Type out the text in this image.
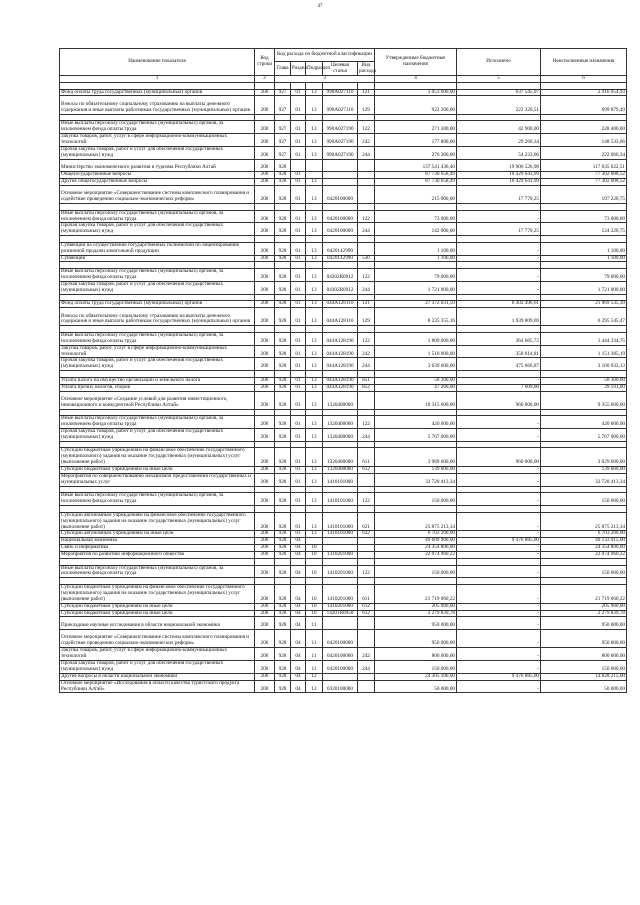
47
Наименование показателя	Код строки	Код расхода по бюджетной классификации					Утвержденные бюджетные назначения	Исполнено	Неисполненные назначения
		Глава	Раздел	Подраздел	Целевая статья	Вид расхода			
1	2	3					4	5	6

Фонд оплаты труда государственных (муниципальных) органов	200	927	01	13	990А027110	121	3 053 600,00	637 545,07	2 416 054,93
Взносы по обязательному социальному страхованию на выплаты денежного содержания и иные выплаты работникам государственных (муниципальных) органов	200	927	01	13	990А027110	129	922 200,00	222 320,51	699 879,49

Иные выплаты персоналу государственных (муниципальных) органов, за исключением фонда оплаты труда	200	927	01	13	990А027190	122	271 300,00	42 900,00	228 400,00
Закупка товаров, работ, услуг в сфере информационно-коммуникационных технологий	200	927	01	13	990А027190	242	177 800,00	29 266,34	148 533,66
Прочая закупка товаров, работ и услуг для обеспечения государственных (муниципальных) нужд	200	927	01	13	990А027190	244	276 300,00	54 233,66	222 066,34
Министерство экономического развития и туризма Республики Алтай	200	928					137 541 436,40	19 906 526,98	117 635 022,51
Общегосударственные вопросы	200	928	01				87 730 658,49	10 429 641,99	77 302 008,52
Другие общегосударственные вопросы	200	928	01	13			87 730 658,49	10 429 641,99	77 302 008,52
Основное мероприятие «Совершенствование системы комплексного планирования и содействие проведению социально-экономических реформ»	200	928	01	13	0420100000		215 000,00	17 779,25	197 220,75

Иные выплаты персоналу государственных (муниципальных) органов, за исключением фонда оплаты труда	200	928	01	13	0420100000	122	73 000,00	-	73 000,00
Прочая закупка товаров, работ и услуг для обеспечения государственных (муниципальных) нужд	200	928	01	13	0420100000	244	142 000,00	17 779,25	124 220,75

Субвенции на осуществление государственных полномочий по лицензированию розничной продажи алкогольной продукции	200	928	01	13	0420142990		1 100,00	-	1 100,00
Субвенции	200	928	01	13	0420142990	530	1 100,00	-	1 100,00

Иные выплаты персоналу государственных (муниципальных) органов, за исключением фонда оплаты труда	200	928	01	13	04302R0912	122	79 000,00	-	79 000,00
Прочая закупка товаров, работ и услуг для обеспечения государственных (муниципальных) нужд	200	928	01	13	04302R0912	244	1 721 000,00	-	1 721 000,00

Фонд оплаты труда государственных (муниципальных) органов	200	928	01	13	044А128110	121	27 372 031,59	6 302 496,61	21 069 535,39
Взносы по обязательному социальному страхованию на выплаты денежного содержания и иные выплаты работникам государственных (муниципальных) органов	200	928	01	13	044А128110	129	8 235 355,16	1 939 809,69	6 295 545,47

Иные выплаты персоналу государственных (муниципальных) органов, за исключением фонда оплаты труда	200	928	01	13	044А128190	122	1 809 000,00	364 665,72	1 444 334,75
Закупка товаров, работ, услуг в сфере информационно-коммуникационных технологий	200	928	01	13	044А128190	242	1 510 000,00	358 614,81	1 151 385,19
Прочая закупка товаров, работ и услуг для обеспечения государственных (муниципальных) нужд	200	928	01	13	044А128190	244	3 639 600,00	475 666,87	3 160 933,13

Уплата налога на имущество организаций и земельного налога	200	928	01	13	044А128190	851	58 300,00	-	58 300,00
Уплата прочих налогов, сборов	200	928	01	13	044А128190	852	47 200,00	7 609,00	39 591,00
Основное мероприятие «Создание условий для развития инвестиционного, инновационного и конкурентной Республики Алтай»	200	928	01	13	1320400000		10 315 600,00	960 000,00	9 355 600,00

Иные выплаты персоналу государственных (муниципальных) органов, за исключением фонда оплаты труда	200	928	01	13	1320400000	122	420 000,00	-	420 000,00
Прочая закупка товаров, работ и услуг для обеспечения государственных (муниципальных) нужд	200	928	01	13	1320400000	244	5 767 000,00	-	5 767 000,00

Субсидии бюджетным учреждениям на финансовое обеспечение государственного (муниципального) задания на оказание государственных (муниципальных) услуг (выполнение работ)	200	928	01	13	1320400000	611	3 989 600,00	960 000,00	3 029 600,00
Субсидии бюджетным учреждениям на иные цели	200	928	01	13	1320400000	612	139 000,00	-	139 000,00
Мероприятия по совершенствованию механизмов предоставления государственных и муниципальных услуг	200	928	01	13	1410101000		32 728 413,34	-	32 728 413,34

Иные выплаты персоналу государственных (муниципальных) органов, за исключением фонда оплаты труда	200	928	01	13	1410101000	122	150 000,00	-	150 000,00

Субсидии автономным учреждениям на финансовое обеспечение государственного (муниципального) задания на оказание государственных (муниципальных) услуг (выполнение работ)	200	928	01	13	1410101000	621	25 875 213,34	-	25 875 213,34
Субсидии автономным учреждениям на иные цели	200	928	01	13	1410101000	622	6 703 200,00	-	6 703 200,00
Национальная экономика	200	928	04				49 609 900,00	9 476 885,00	40 133 015,00
Связь и информатика	200	928	04	10			24 354 800,00	-	24 354 800,00
Мероприятия по развитию информационного общества	200	928	04	10	1310201000		22 074 960,22	-	22 074 960,22

Иные выплаты персоналу государственных (муниципальных) органов, за исключением фонда оплаты труда	200	928	04	10	1410201000	122	150 000,00	-	150 000,00

Субсидии бюджетным учреждениям на финансовое обеспечение государственного (муниципального) задания на оказание государственных (муниципальных) услуг (выполнение работ)	200	928	04	10	1410201000	611	21 719 060,22	-	21 719 060,22
Субсидии бюджетным учреждениям на иные цели	200	928	04	10	1410201000	612	205 900,00	-	205 900,00
Субсидии бюджетным учреждениям на иные цели	200	928	04	10	14201R0950	612	2 279 839,78	-	2 279 839,78
Прикладные научные исследования в области национальной экономики	200	928	04	11			950 000,00	-	950 000,00
Основное мероприятие «Совершенствование системы комплексного планирования и содействие проведению социально-экономических реформ»	200	928	04	11	0420100000		950 000,00	-	950 000,00
Закупка товаров, работ, услуг в сфере информационно-коммуникационных технологий	200	928	04	11	0420100000	242	800 000,00	-	800 000,00
Прочая закупка товаров, работ и услуг для обеспечения государственных (муниципальных) нужд	200	928	04	11	0420100000	244	150 000,00	-	150 000,00
Другие вопросы в области национальной экономики	200	928	04	12			24 305 100,00	9 476 885,00	14 828 215,00
Основное мероприятие «Исследования в области качества туристского продукта Республики Алтай»	200	928	04	12	0320100000		50 000,00	-	50 000,00
